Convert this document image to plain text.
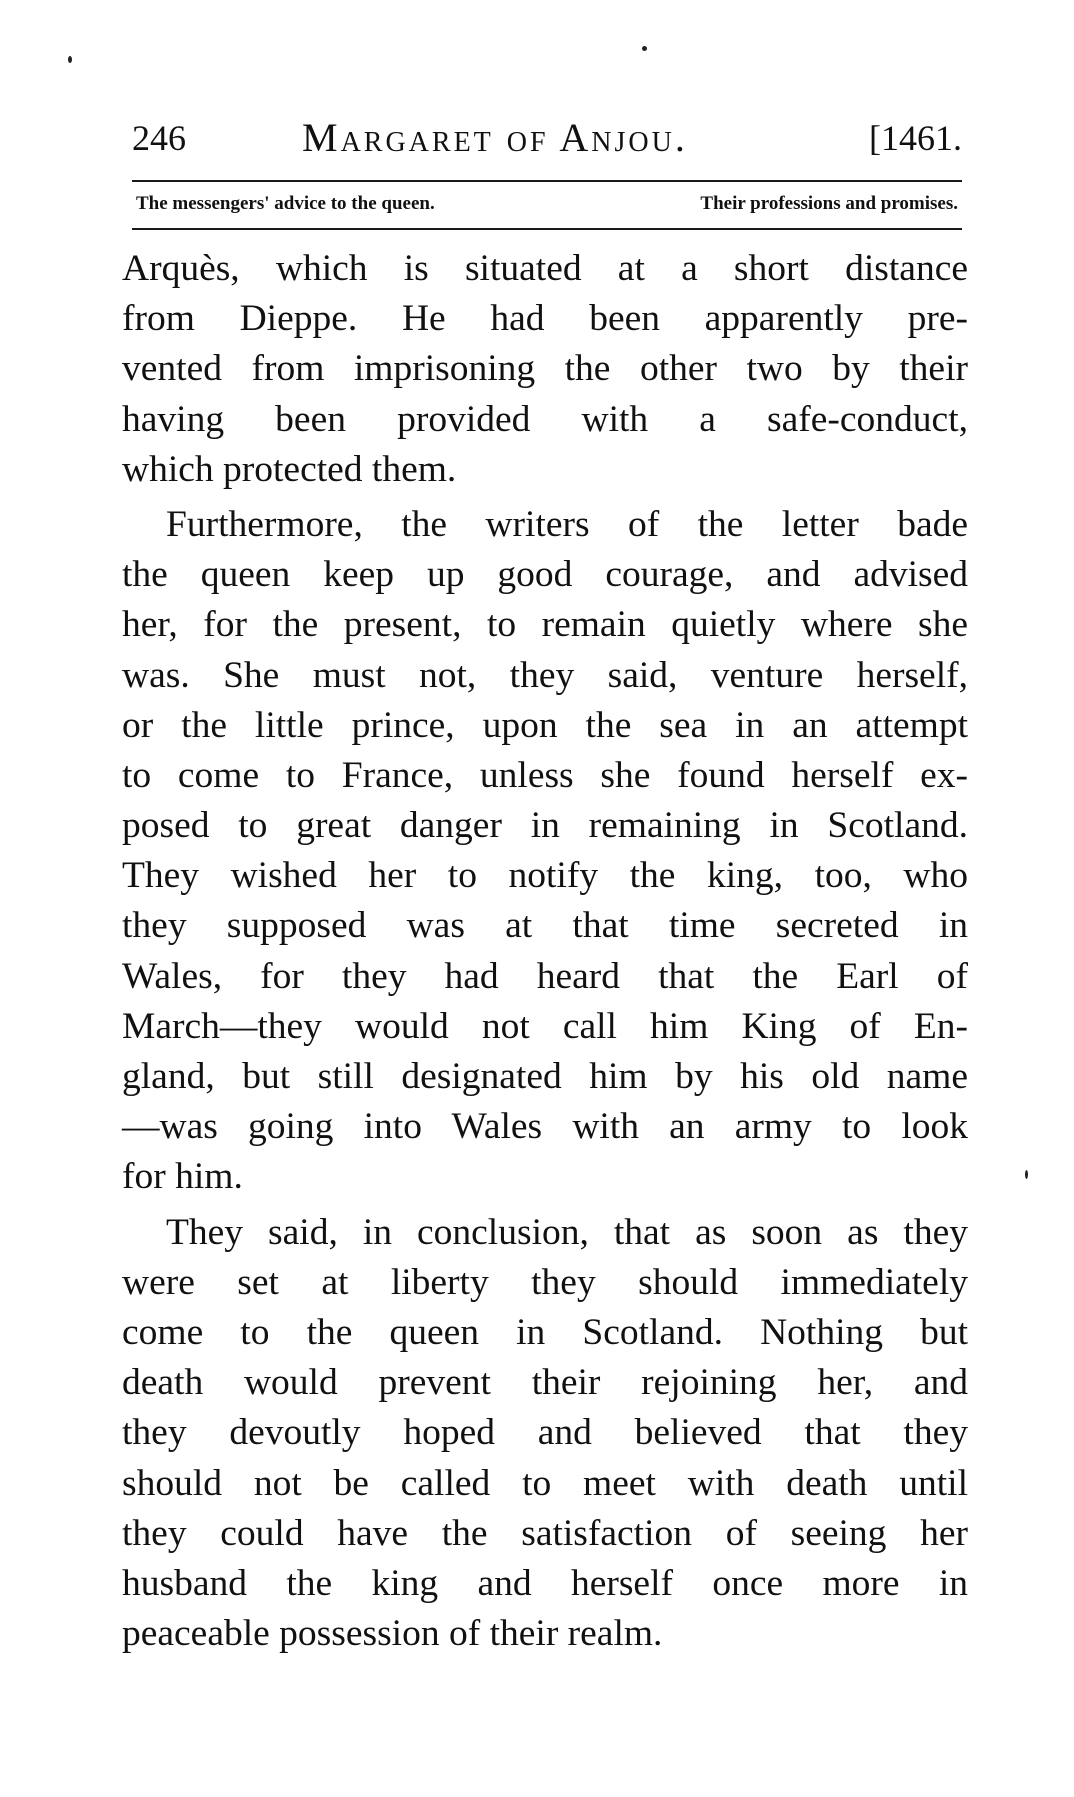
246	Margaret of Anjou.	[1461.
The messengers' advice to the queen.	Their professions and promises.
Arquès, which is situated at a short distance
from Dieppe. He had been apparently pre-
vented from imprisoning the other two by their
having been provided with a safe-conduct,
which protected them.
Furthermore, the writers of the letter bade
the queen keep up good courage, and advised
her, for the present, to remain quietly where she
was. She must not, they said, venture herself,
or the little prince, upon the sea in an attempt
to come to France, unless she found herself ex-
posed to great danger in remaining in Scotland.
They wished her to notify the king, too, who
they supposed was at that time secreted in
Wales, for they had heard that the Earl of
March—they would not call him King of En-
gland, but still designated him by his old name
—was going into Wales with an army to look
for him.
They said, in conclusion, that as soon as they
were set at liberty they should immediately
come to the queen in Scotland. Nothing but
death would prevent their rejoining her, and
they devoutly hoped and believed that they
should not be called to meet with death until
they could have the satisfaction of seeing her
husband the king and herself once more in
peaceable possession of their realm.
